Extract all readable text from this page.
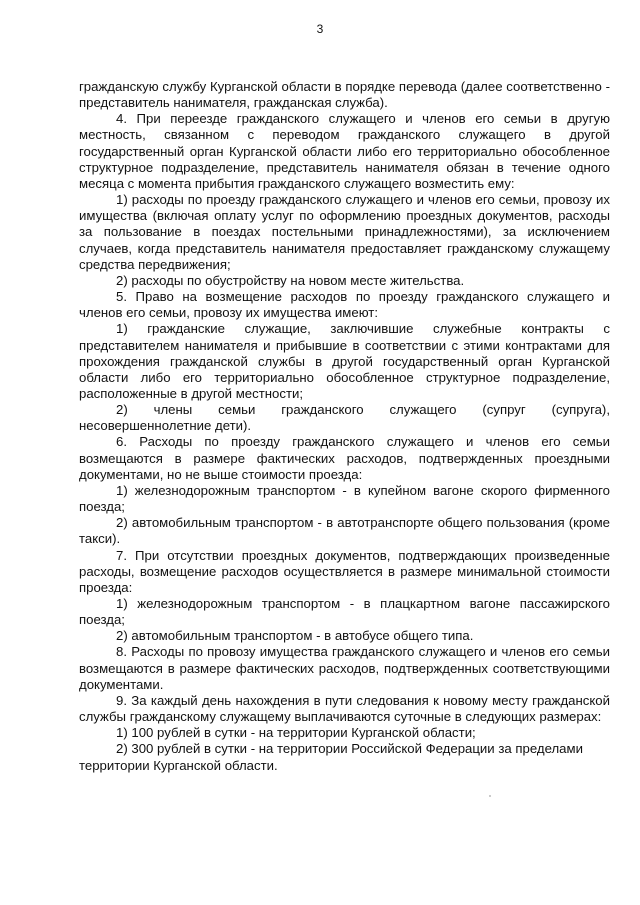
3

гражданскую службу Курганской области в порядке перевода (далее соответственно - представитель нанимателя, гражданская служба).

4. При переезде гражданского служащего и членов его семьи в другую местность, связанном с переводом гражданского служащего в другой государственный орган Курганской области либо его территориально обособленное структурное подразделение, представитель нанимателя обязан в течение одного месяца с момента прибытия гражданского служащего возместить ему:

1) расходы по проезду гражданского служащего и членов его семьи, провозу их имущества (включая оплату услуг по оформлению проездных документов, расходы за пользование в поездах постельными принадлежностями), за исключением случаев, когда представитель нанимателя предоставляет гражданскому служащему средства передвижения;

2) расходы по обустройству на новом месте жительства.

5. Право на возмещение расходов по проезду гражданского служащего и членов его семьи, провозу их имущества имеют:

1) гражданские служащие, заключившие служебные контракты с представителем нанимателя и прибывшие в соответствии с этими контрактами для прохождения гражданской службы в другой государственный орган Курганской области либо его территориально обособленное структурное подразделение, расположенные в другой местности;

2) члены семьи гражданского служащего (супруг (супруга), несовершеннолетние дети).

6. Расходы по проезду гражданского служащего и членов его семьи возмещаются в размере фактических расходов, подтвержденных проездными документами, но не выше стоимости проезда:

1) железнодорожным транспортом - в купейном вагоне скорого фирменного поезда;

2) автомобильным транспортом - в автотранспорте общего пользования (кроме такси).

7. При отсутствии проездных документов, подтверждающих произведенные расходы, возмещение расходов осуществляется в размере минимальной стоимости проезда:

1) железнодорожным транспортом - в плацкартном вагоне пассажирского поезда;

2) автомобильным транспортом - в автобусе общего типа.

8. Расходы по провозу имущества гражданского служащего и членов его семьи возмещаются в размере фактических расходов, подтвержденных соответствующими документами.

9. За каждый день нахождения в пути следования к новому месту гражданской службы гражданскому служащему выплачиваются суточные в следующих размерах:

1) 100 рублей в сутки - на территории Курганской области;

2) 300 рублей в сутки - на территории Российской Федерации за пределами территории Курганской области.
